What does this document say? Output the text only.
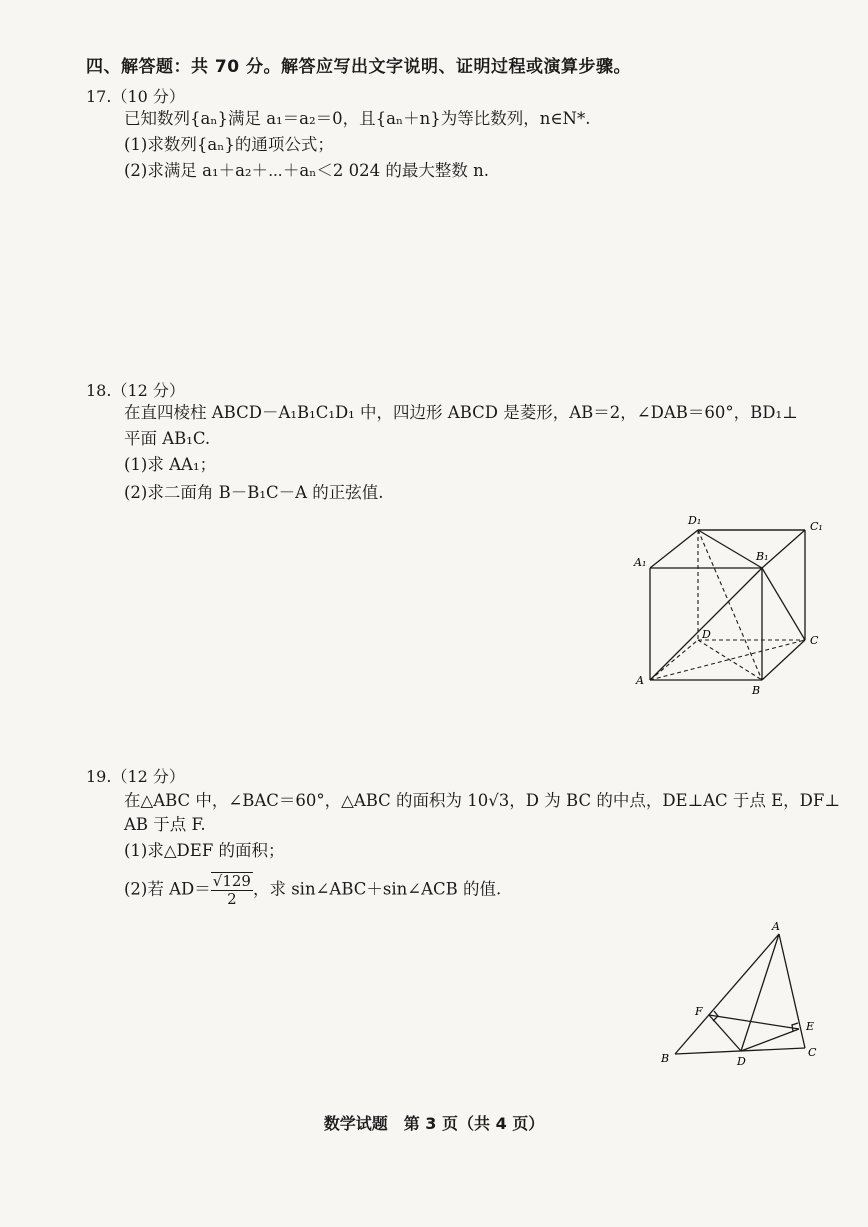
四、解答题：共 70 分。解答应写出文字说明、证明过程或演算步骤。
17.（10 分）
已知数列{aₙ}满足 a₁＝a₂＝0，且{aₙ＋n}为等比数列，n∈N*.
(1)求数列{aₙ}的通项公式；
(2)求满足 a₁＋a₂＋⋯＋aₙ＜2 024 的最大整数 n.
18.（12 分）
在直四棱柱 ABCD－A₁B₁C₁D₁ 中，四边形 ABCD 是菱形，AB＝2，∠DAB＝60°，BD₁⊥
平面 AB₁C.
(1)求 AA₁；
(2)求二面角 B－B₁C－A 的正弦值.
D₁	C₁
A₁	B₁
D	C
A
B
19.（12 分）
在△ABC 中，∠BAC＝60°，△ABC 的面积为 10√3，D 为 BC 的中点，DE⊥AC 于点 E，DF⊥
AB 于点 F.
(1)求△DEF 的面积；
(2)若 $AD= \frac{√129}{2}$ ，求 sin∠ABC＋sin∠ACB 的值.
A
B	C
D
E
F
数学试题　第 3 页（共 4 页）
